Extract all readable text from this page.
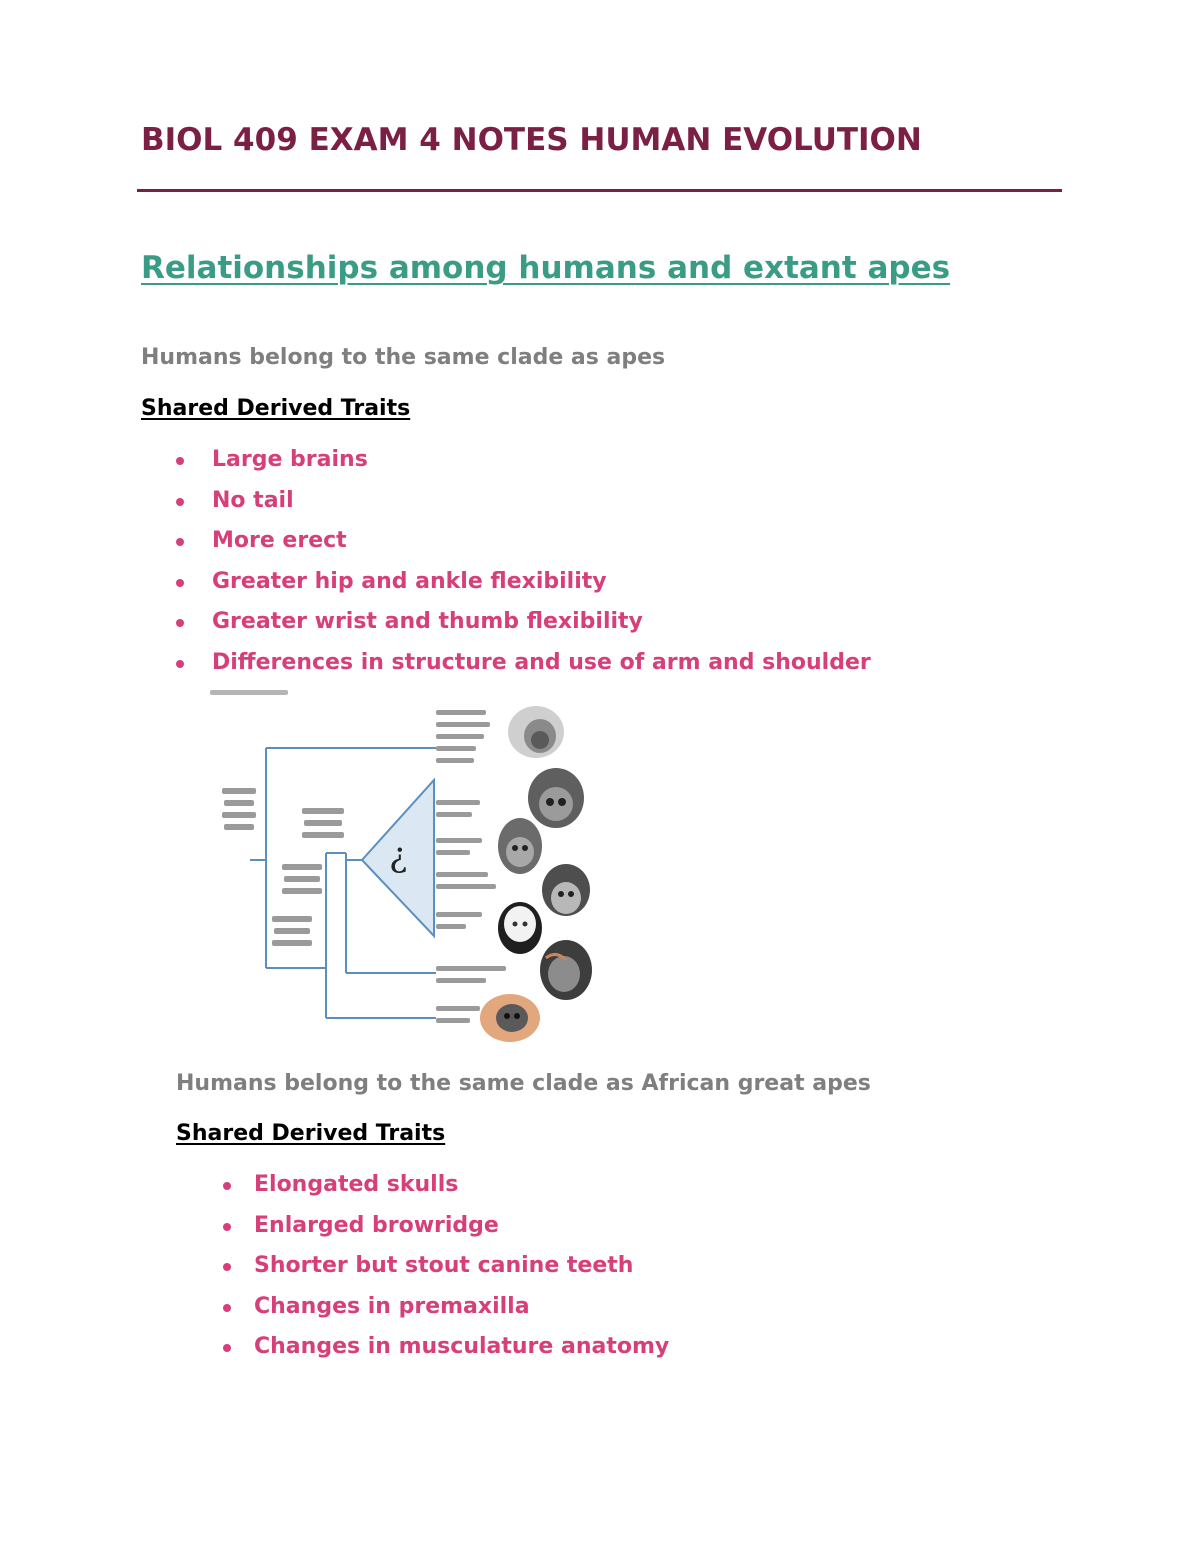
BIOL 409 EXAM 4 NOTES HUMAN EVOLUTION
Relationships among humans and extant apes
Humans belong to the same clade as apes
Shared Derived Traits
Large brains
No tail
More erect
Greater hip and ankle flexibility
Greater wrist and thumb flexibility
Differences in structure and use of arm and shoulder
?
Humans belong to the same clade as African great apes
Shared Derived Traits
Elongated skulls
Enlarged browridge
Shorter but stout canine teeth
Changes in premaxilla
Changes in musculature anatomy
